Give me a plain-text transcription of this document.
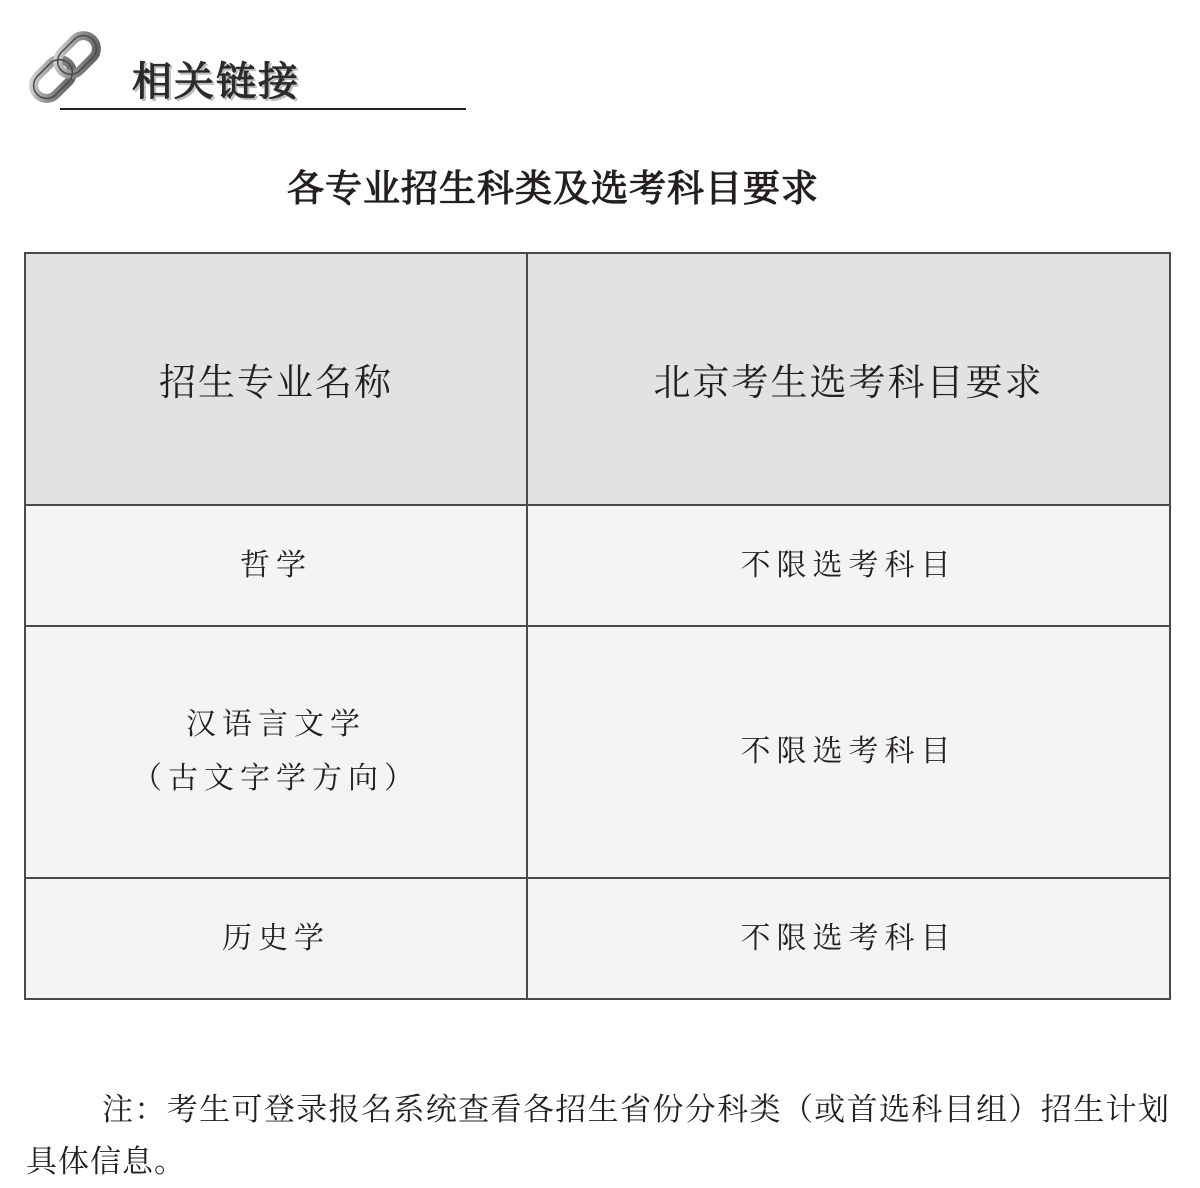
相关链接
各专业招生科类及选考科目要求
招生专业名称	北京考生选考科目要求

哲学	不限选考科目

汉语言文学
（古文字学方向）	不限选考科目

历史学	不限选考科目

注：考生可登录报名系统查看各招生省份分科类（或首选科目组）招生计划具体信息。
